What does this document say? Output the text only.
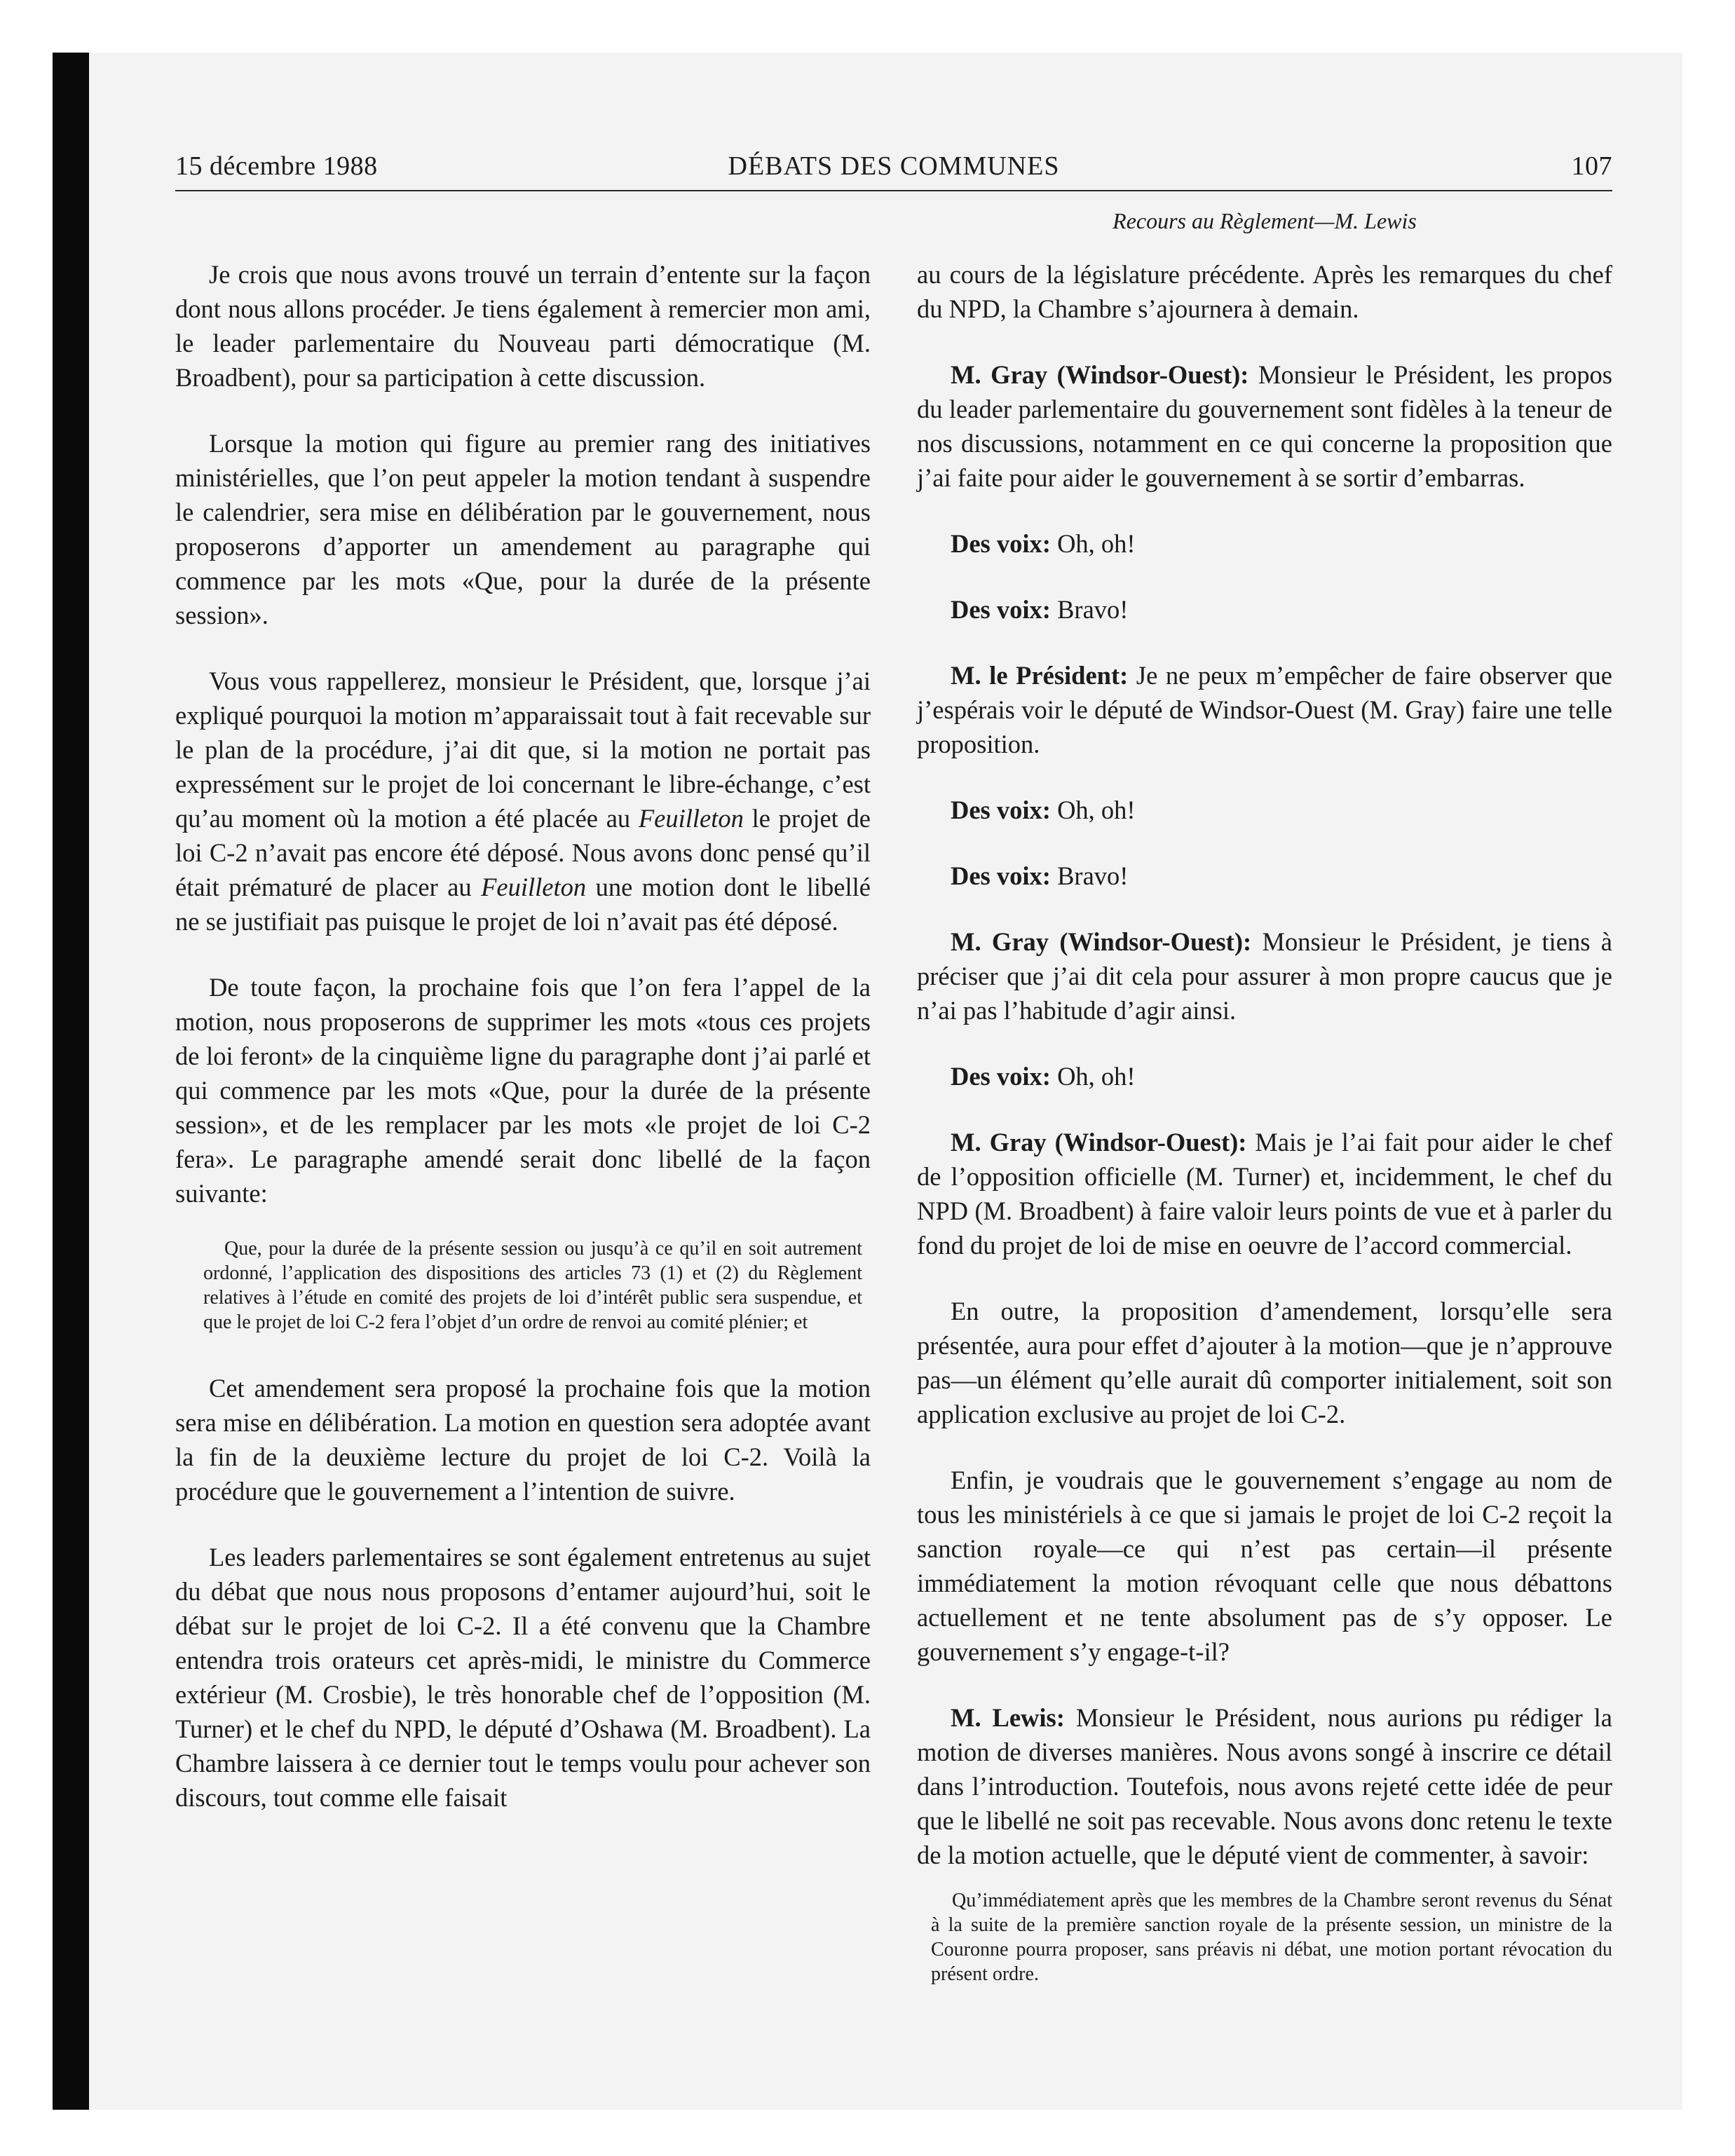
15 décembre 1988	DÉBATS DES COMMUNES	107
Recours au Règlement—M. Lewis

Je crois que nous avons trouvé un terrain d’entente sur la façon dont nous allons procéder. Je tiens également à remercier mon ami, le leader parlementaire du Nouveau parti démocratique (M. Broadbent), pour sa participation à cette discussion.

Lorsque la motion qui figure au premier rang des initiatives ministérielles, que l’on peut appeler la motion tendant à suspendre le calendrier, sera mise en délibération par le gouvernement, nous proposerons d’apporter un amendement au paragraphe qui commence par les mots «Que, pour la durée de la présente session».

Vous vous rappellerez, monsieur le Président, que, lorsque j’ai expliqué pourquoi la motion m’apparaissait tout à fait recevable sur le plan de la procédure, j’ai dit que, si la motion ne portait pas expressément sur le projet de loi concernant le libre-échange, c’est qu’au moment où la motion a été placée au Feuilleton le projet de loi C-2 n’avait pas encore été déposé. Nous avons donc pensé qu’il était prématuré de placer au Feuilleton une motion dont le libellé ne se justifiait pas puisque le projet de loi n’avait pas été déposé.

De toute façon, la prochaine fois que l’on fera l’appel de la motion, nous proposerons de supprimer les mots «tous ces projets de loi feront» de la cinquième ligne du paragraphe dont j’ai parlé et qui commence par les mots «Que, pour la durée de la présente session», et de les remplacer par les mots «le projet de loi C-2 fera». Le paragraphe amendé serait donc libellé de la façon suivante:

Que, pour la durée de la présente session ou jusqu’à ce qu’il en soit autrement ordonné, l’application des dispositions des articles 73 (1) et (2) du Règlement relatives à l’étude en comité des projets de loi d’intérêt public sera suspendue, et que le projet de loi C-2 fera l’objet d’un ordre de renvoi au comité plénier; et

Cet amendement sera proposé la prochaine fois que la motion sera mise en délibération. La motion en question sera adoptée avant la fin de la deuxième lecture du projet de loi C-2. Voilà la procédure que le gouvernement a l’intention de suivre.

Les leaders parlementaires se sont également entretenus au sujet du débat que nous nous proposons d’entamer aujourd’hui, soit le débat sur le projet de loi C-2. Il a été convenu que la Chambre entendra trois orateurs cet après-midi, le ministre du Commerce extérieur (M. Crosbie), le très honorable chef de l’opposition (M. Turner) et le chef du NPD, le député d’Oshawa (M. Broadbent). La Chambre laissera à ce dernier tout le temps voulu pour achever son discours, tout comme elle faisait

au cours de la législature précédente. Après les remarques du chef du NPD, la Chambre s’ajournera à demain.

M. Gray (Windsor-Ouest): Monsieur le Président, les propos du leader parlementaire du gouvernement sont fidèles à la teneur de nos discussions, notamment en ce qui concerne la proposition que j’ai faite pour aider le gouvernement à se sortir d’embarras.

Des voix: Oh, oh!

Des voix: Bravo!

M. le Président: Je ne peux m’empêcher de faire observer que j’espérais voir le député de Windsor-Ouest (M. Gray) faire une telle proposition.

Des voix: Oh, oh!

Des voix: Bravo!

M. Gray (Windsor-Ouest): Monsieur le Président, je tiens à préciser que j’ai dit cela pour assurer à mon propre caucus que je n’ai pas l’habitude d’agir ainsi.

Des voix: Oh, oh!

M. Gray (Windsor-Ouest): Mais je l’ai fait pour aider le chef de l’opposition officielle (M. Turner) et, incidemment, le chef du NPD (M. Broadbent) à faire valoir leurs points de vue et à parler du fond du projet de loi de mise en oeuvre de l’accord commercial.

En outre, la proposition d’amendement, lorsqu’elle sera présentée, aura pour effet d’ajouter à la motion—que je n’approuve pas—un élément qu’elle aurait dû comporter initialement, soit son application exclusive au projet de loi C-2.

Enfin, je voudrais que le gouvernement s’engage au nom de tous les ministériels à ce que si jamais le projet de loi C-2 reçoit la sanction royale—ce qui n’est pas certain—il présente immédiatement la motion révoquant celle que nous débattons actuellement et ne tente absolument pas de s’y opposer. Le gouvernement s’y engage-t-il?

M. Lewis: Monsieur le Président, nous aurions pu rédiger la motion de diverses manières. Nous avons songé à inscrire ce détail dans l’introduction. Toutefois, nous avons rejeté cette idée de peur que le libellé ne soit pas recevable. Nous avons donc retenu le texte de la motion actuelle, que le député vient de commenter, à savoir:

Qu’immédiatement après que les membres de la Chambre seront revenus du Sénat à la suite de la première sanction royale de la présente session, un ministre de la Couronne pourra proposer, sans préavis ni débat, une motion portant révocation du présent ordre.
